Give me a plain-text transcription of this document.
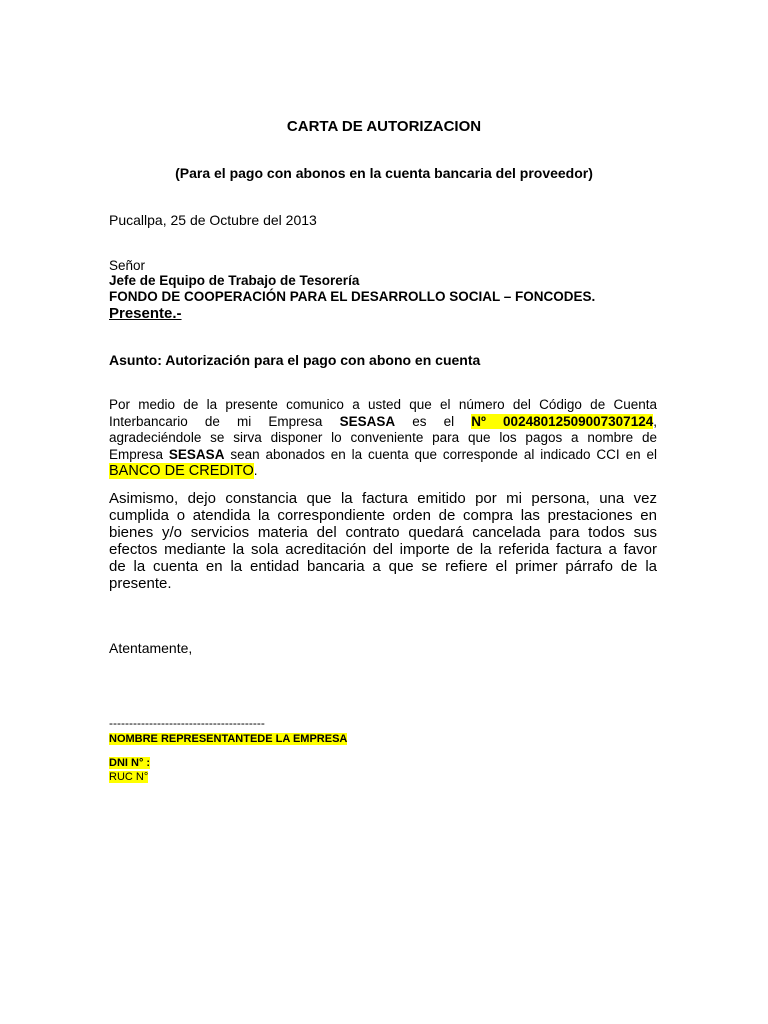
CARTA DE AUTORIZACION

(Para el pago con abonos en la cuenta bancaria del proveedor)

Pucallpa, 25 de Octubre del 2013

Señor

Jefe de Equipo de Trabajo de Tesorería

FONDO DE COOPERACIÓN PARA EL DESARROLLO SOCIAL – FONCODES.

Presente.-

Asunto: Autorización para el pago con abono en cuenta

Por medio de la presente comunico a usted que el número del Código de Cuenta
Interbancario de mi Empresa SESASA es el Nº 00248012509007307124,
agradeciéndole se sirva disponer lo conveniente para que los pagos a nombre de
Empresa SESASA sean abonados en la cuenta que corresponde al indicado CCI en el
BANCO DE CREDITO.
Asimismo, dejo constancia que la factura emitido por mi persona, una vez
cumplida o atendida la correspondiente orden de compra las prestaciones en
bienes y/o servicios materia del contrato quedará cancelada para todos sus
efectos mediante la sola acreditación del importe de la referida factura a favor
de la cuenta en la entidad bancaria a que se refiere el primer párrafo de la
presente.

Atentamente,

---------------------------------------

NOMBRE REPRESENTANTEDE LA EMPRESA

DNI N° :

RUC N°
